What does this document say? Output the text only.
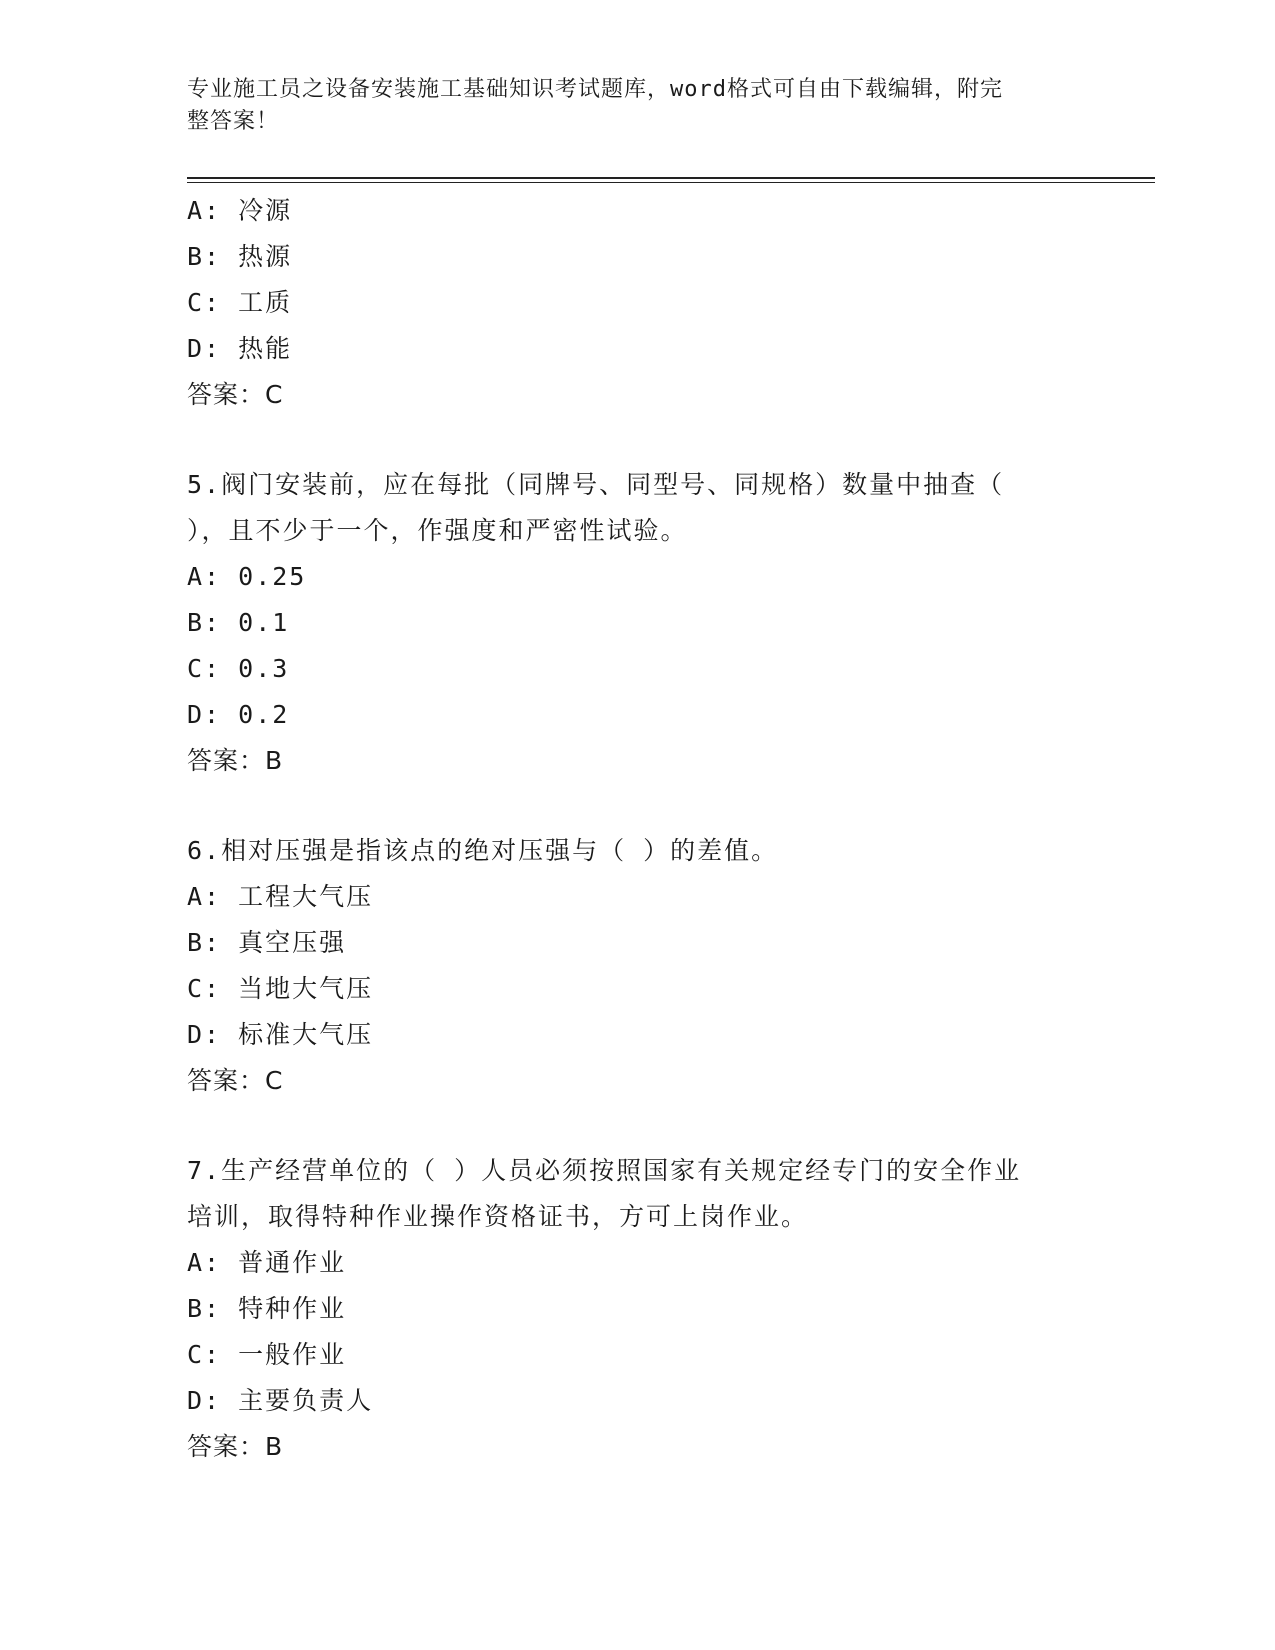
专业施工员之设备安装施工基础知识考试题库，word格式可自由下载编辑，附完
整答案！
A: 冷源
B: 热源
C: 工质
D: 热能
答案：C
5.阀门安装前，应在每批（同牌号、同型号、同规格）数量中抽查（
），且不少于一个，作强度和严密性试验。
A: 0.25
B: 0.1
C: 0.3
D: 0.2
答案：B
6.相对压强是指该点的绝对压强与（ ）的差值。
A: 工程大气压
B: 真空压强
C: 当地大气压
D: 标准大气压
答案：C
7.生产经营单位的（ ）人员必须按照国家有关规定经专门的安全作业
培训，取得特种作业操作资格证书，方可上岗作业。
A: 普通作业
B: 特种作业
C: 一般作业
D: 主要负责人
答案：B
